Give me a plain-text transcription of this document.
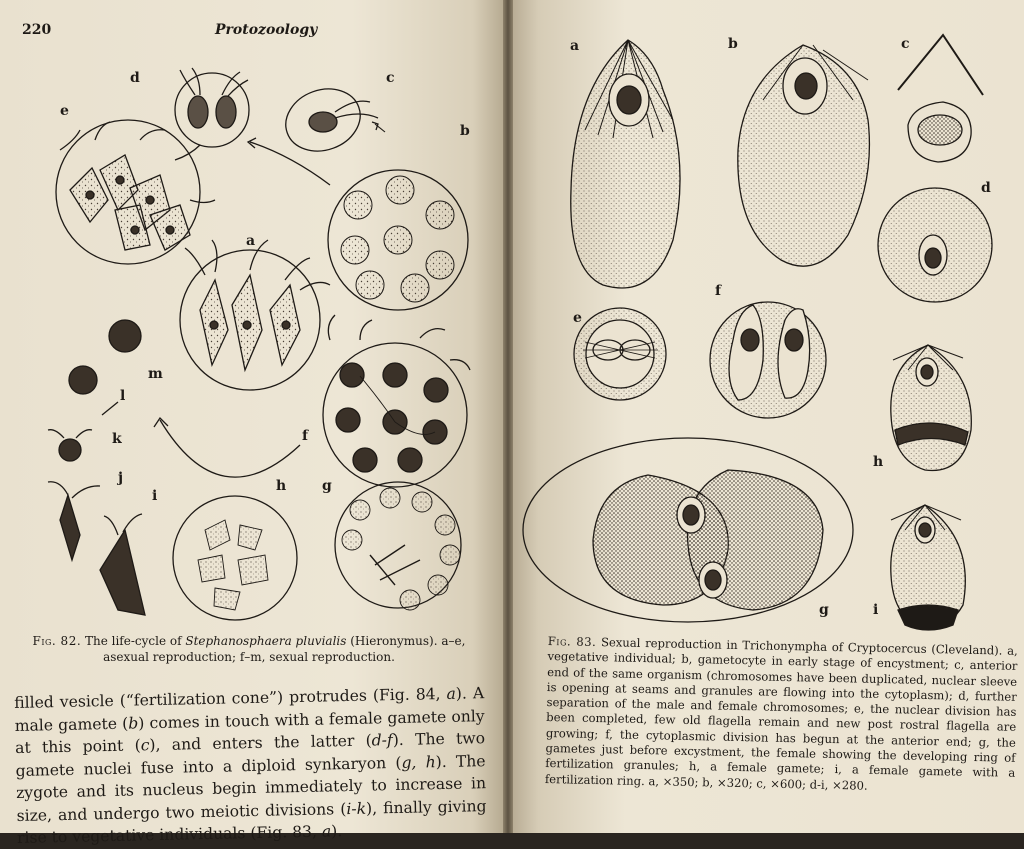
220	Protozoology
d	c
e
b
a
m
l
k	f
j	h	g
i
Fig. 82. The life-cycle of Stephanosphaera pluvialis (Hieronymus). a–e, asexual reproduction; f–m, sexual reproduction.

filled vesicle (“fertilization cone”) protrudes (Fig. 84, a). A male gamete (b) comes in touch with a female gamete only at this point (c), and enters the latter (d-f). The two gamete nuclei fuse into a diploid synkaryon (g, h). The zygote and its nucleus begin immediately to increase in size, and undergo two meiotic divisions (i-k), finally giving rise to vegetative individuals (Fig. 83, a).

a	b	c
d
e
f
h
g	i
Fig. 83. Sexual reproduction in Trichonympha of Cryptocercus (Cleveland). a, vegetative individual; b, gametocyte in early stage of encystment; c, anterior end of the same organism (chromosomes have been duplicated, nuclear sleeve is opening at seams and granules are flowing into the cytoplasm); d, further separation of the male and female chromosomes; e, the nuclear division has been completed, few old flagella remain and new post rostral flagella are growing; f, the cytoplasmic division has begun at the anterior end; g, the gametes just before excystment, the female showing the developing ring of fertilization granules; h, a female gamete; i, a female gamete with a fertilization ring. a, ×350; b, ×320; c, ×600; d-i, ×280.
